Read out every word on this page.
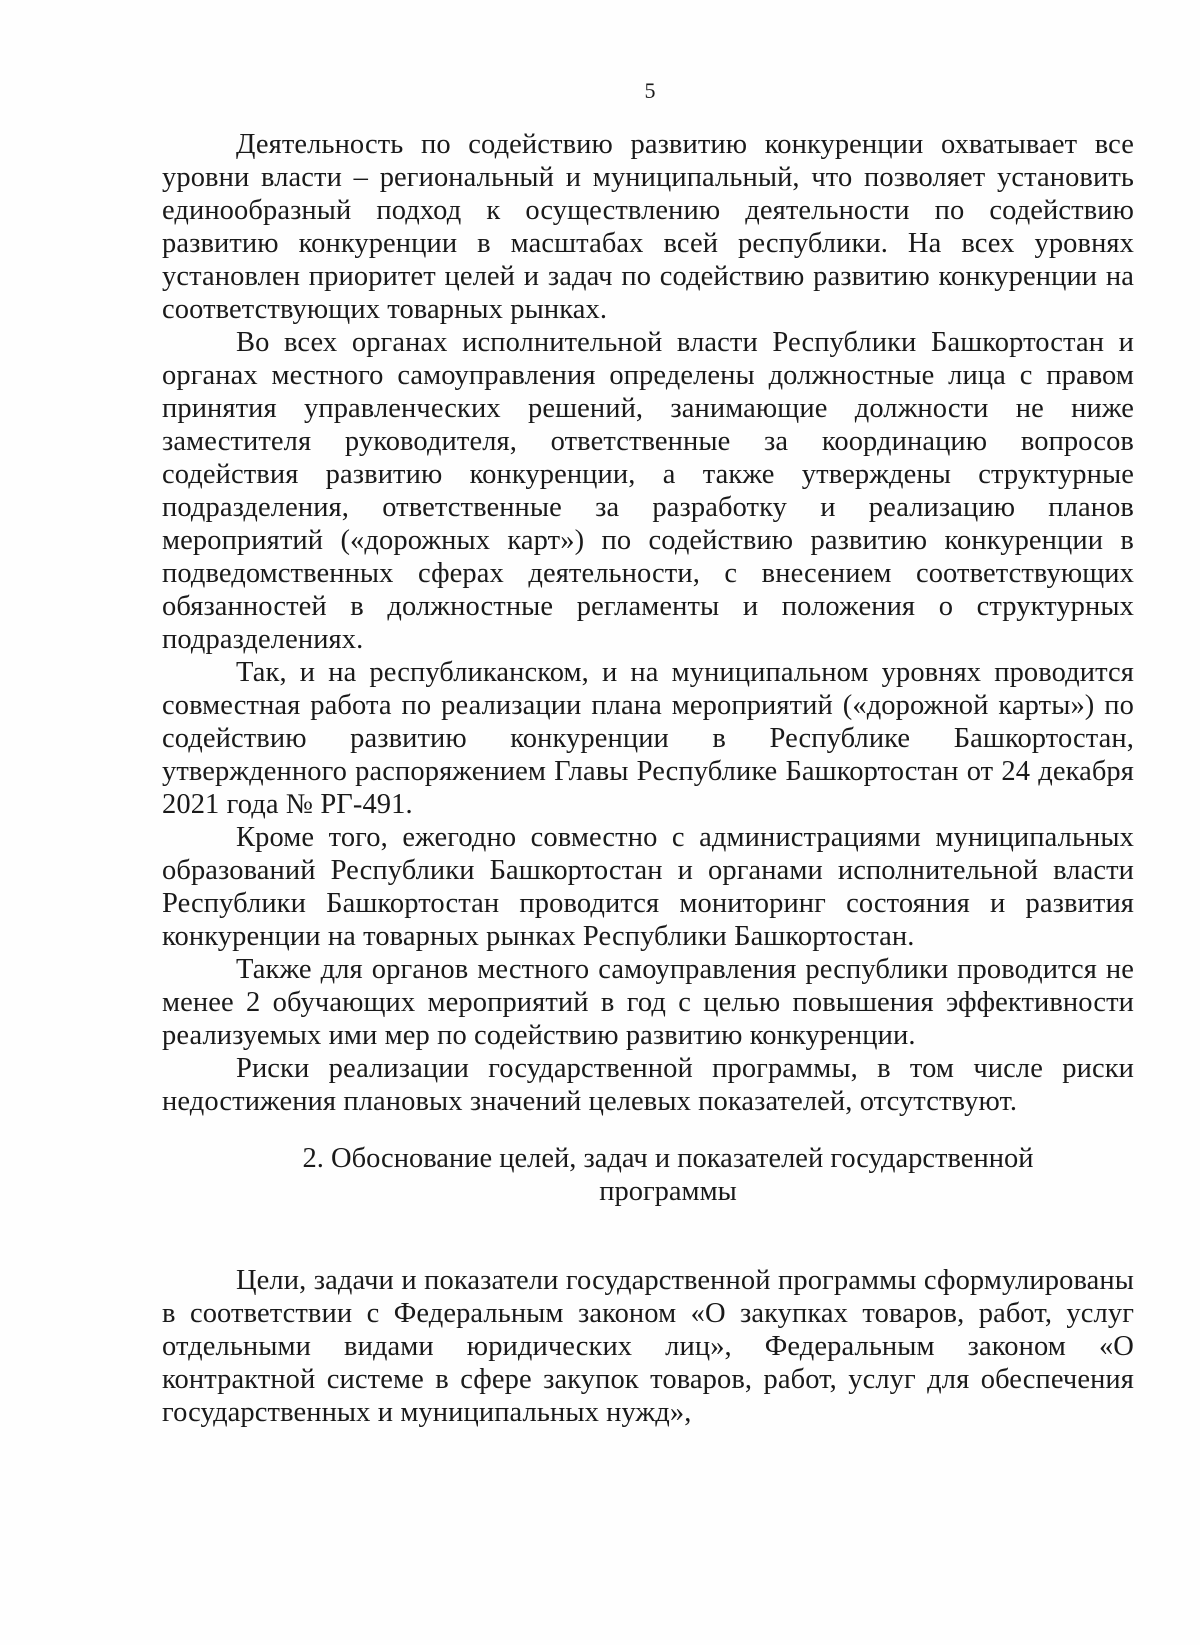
5

Деятельность по содействию развитию конкуренции охватывает все уровни власти – региональный и муниципальный, что позволяет установить единообразный подход к осуществлению деятельности по содействию развитию конкуренции в масштабах всей республики. На всех уровнях установлен приоритет целей и задач по содействию развитию конкуренции на соответствующих товарных рынках.

Во всех органах исполнительной власти Республики Башкортостан и органах местного самоуправления определены должностные лица с правом принятия управленческих решений, занимающие должности не ниже заместителя руководителя, ответственные за координацию вопросов содействия развитию конкуренции, а также утверждены структурные подразделения, ответственные за разработку и реализацию планов мероприятий («дорожных карт») по содействию развитию конкуренции в подведомственных сферах деятельности, с внесением соответствующих обязанностей в должностные регламенты и положения о структурных подразделениях.

Так, и на республиканском, и на муниципальном уровнях проводится совместная работа по реализации плана мероприятий («дорожной карты») по содействию развитию конкуренции в Республике Башкортостан, утвержденного распоряжением Главы Республике Башкортостан от 24 декабря 2021 года № РГ-491.

Кроме того, ежегодно совместно с администрациями муниципальных образований Республики Башкортостан и органами исполнительной власти Республики Башкортостан проводится мониторинг состояния и развития конкуренции на товарных рынках Республики Башкортостан.

Также для органов местного самоуправления республики проводится не менее 2 обучающих мероприятий в год с целью повышения эффективности реализуемых ими мер по содействию развитию конкуренции.

Риски реализации государственной программы, в том числе риски недостижения плановых значений целевых показателей, отсутствуют.

2. Обоснование целей, задач и показателей государственной
программы

Цели, задачи и показатели государственной программы сформулированы в соответствии с Федеральным законом «О закупках товаров, работ, услуг отдельными видами юридических лиц», Федеральным законом «О контрактной системе в сфере закупок товаров, работ, услуг для обеспечения государственных и муниципальных нужд»,
